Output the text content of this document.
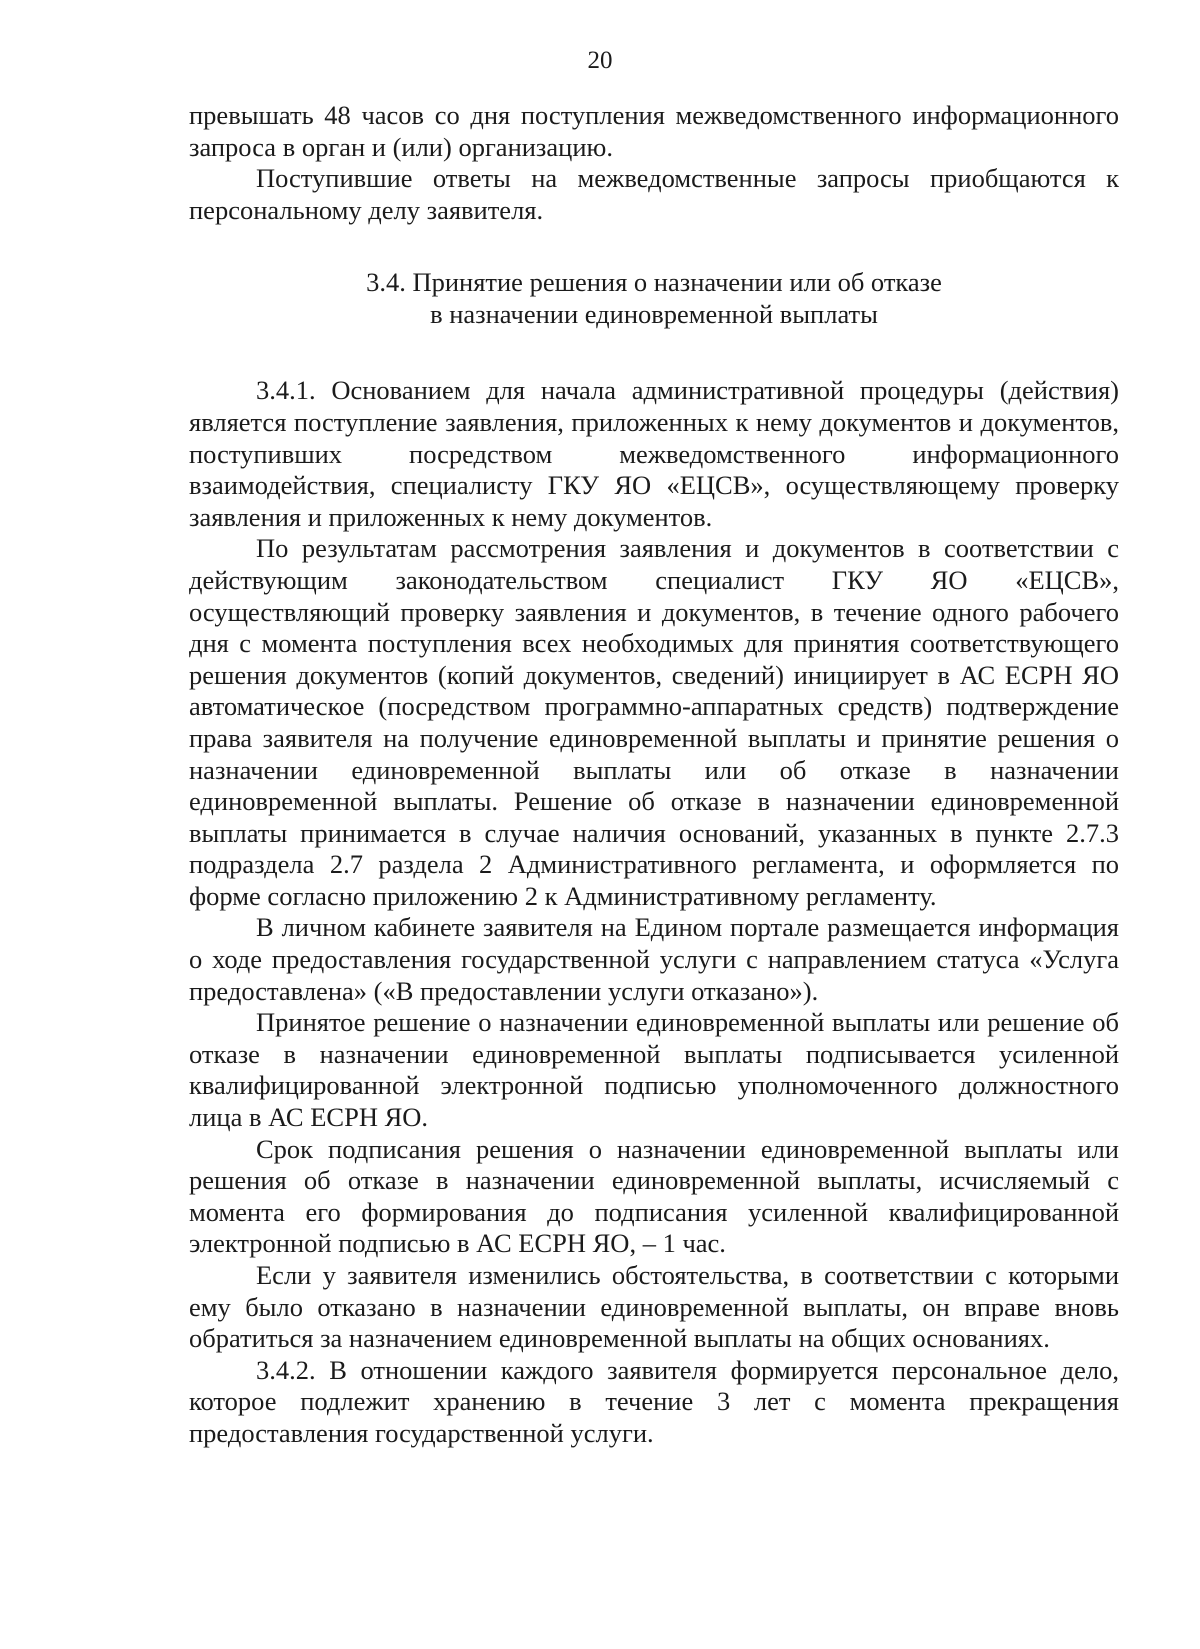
20

превышать 48 часов со дня поступления межведомственного информационного запроса в орган и (или) организацию.

Поступившие ответы на межведомственные запросы приобщаются к персональному делу заявителя.

3.4. Принятие решения о назначении или об отказе
в назначении единовременной выплаты

3.4.1. Основанием для начала административной процедуры (действия) является поступление заявления, приложенных к нему документов и документов, поступивших посредством межведомственного информационного взаимодействия, специалисту ГКУ ЯО «ЕЦСВ», осуществляющему проверку заявления и приложенных к нему документов.

По результатам рассмотрения заявления и документов в соответствии с действующим законодательством специалист ГКУ ЯО «ЕЦСВ», осуществляющий проверку заявления и документов, в течение одного рабочего дня с момента поступления всех необходимых для принятия соответствующего решения документов (копий документов, сведений) инициирует в АС ЕСРН ЯО автоматическое (посредством программно-аппаратных средств) подтверждение права заявителя на получение единовременной выплаты и принятие решения о назначении единовременной выплаты или об отказе в назначении единовременной выплаты. Решение об отказе в назначении единовременной выплаты принимается в случае наличия оснований, указанных в пункте 2.7.3 подраздела 2.7 раздела 2 Административного регламента, и оформляется по форме согласно приложению 2 к Административному регламенту.

В личном кабинете заявителя на Едином портале размещается информация о ходе предоставления государственной услуги с направлением статуса «Услуга предоставлена» («В предоставлении услуги отказано»).

Принятое решение о назначении единовременной выплаты или решение об отказе в назначении единовременной выплаты подписывается усиленной квалифицированной электронной подписью уполномоченного должностного лица в АС ЕСРН ЯО.

Срок подписания решения о назначении единовременной выплаты или решения об отказе в назначении единовременной выплаты, исчисляемый с момента его формирования до подписания усиленной квалифицированной электронной подписью в АС ЕСРН ЯО, – 1 час.

Если у заявителя изменились обстоятельства, в соответствии с которыми ему было отказано в назначении единовременной выплаты, он вправе вновь обратиться за назначением единовременной выплаты на общих основаниях.

3.4.2. В отношении каждого заявителя формируется персональное дело, которое подлежит хранению в течение 3 лет с момента прекращения предоставления государственной услуги.
